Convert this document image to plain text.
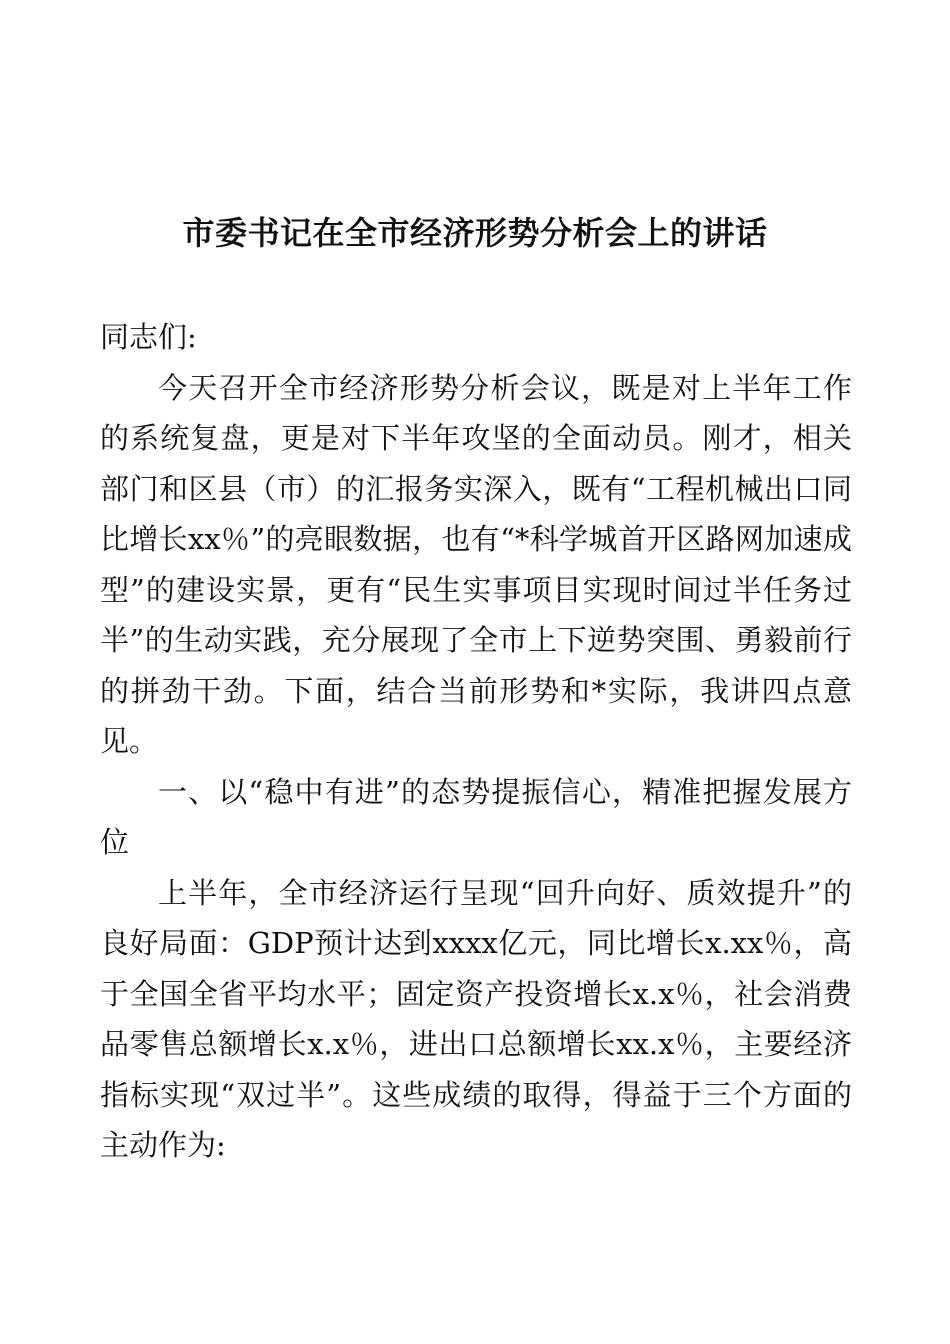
市委书记在全市经济形势分析会上的讲话

同志们:

今天召开全市经济形势分析会议，既是对上半年工作的系统复盘，更是对下半年攻坚的全面动员。刚才，相关部门和区县（市）的汇报务实深入，既有“工程机械出口同比增长xx％”的亮眼数据，也有“*科学城首开区路网加速成型”的建设实景，更有“民生实事项目实现时间过半任务过半”的生动实践，充分展现了全市上下逆势突围、勇毅前行的拼劲干劲。下面，结合当前形势和*实际，我讲四点意见。

一、以“稳中有进”的态势提振信心，精准把握发展方位

上半年，全市经济运行呈现“回升向好、质效提升”的良好局面：GDP预计达到xxxx亿元，同比增长x.xx％，高于全国全省平均水平；固定资产投资增长x.x％，社会消费品零售总额增长x.x％，进出口总额增长xx.x％，主要经济指标实现“双过半”。这些成绩的取得，得益于三个方面的主动作为:
